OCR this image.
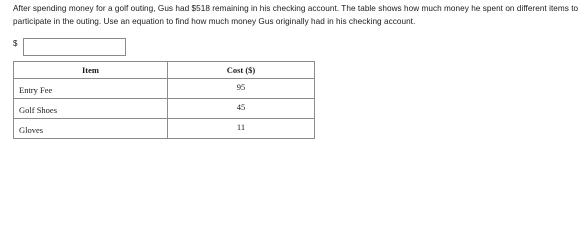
After spending money for a golf outing, Gus had $518 remaining in his checking account. The table shows how much money he spent on different items to participate in the outing. Use an equation to find how much money Gus originally had in his checking account.
$
Item	Cost ($)
Entry Fee	95
Golf Shoes	45
Gloves	11
